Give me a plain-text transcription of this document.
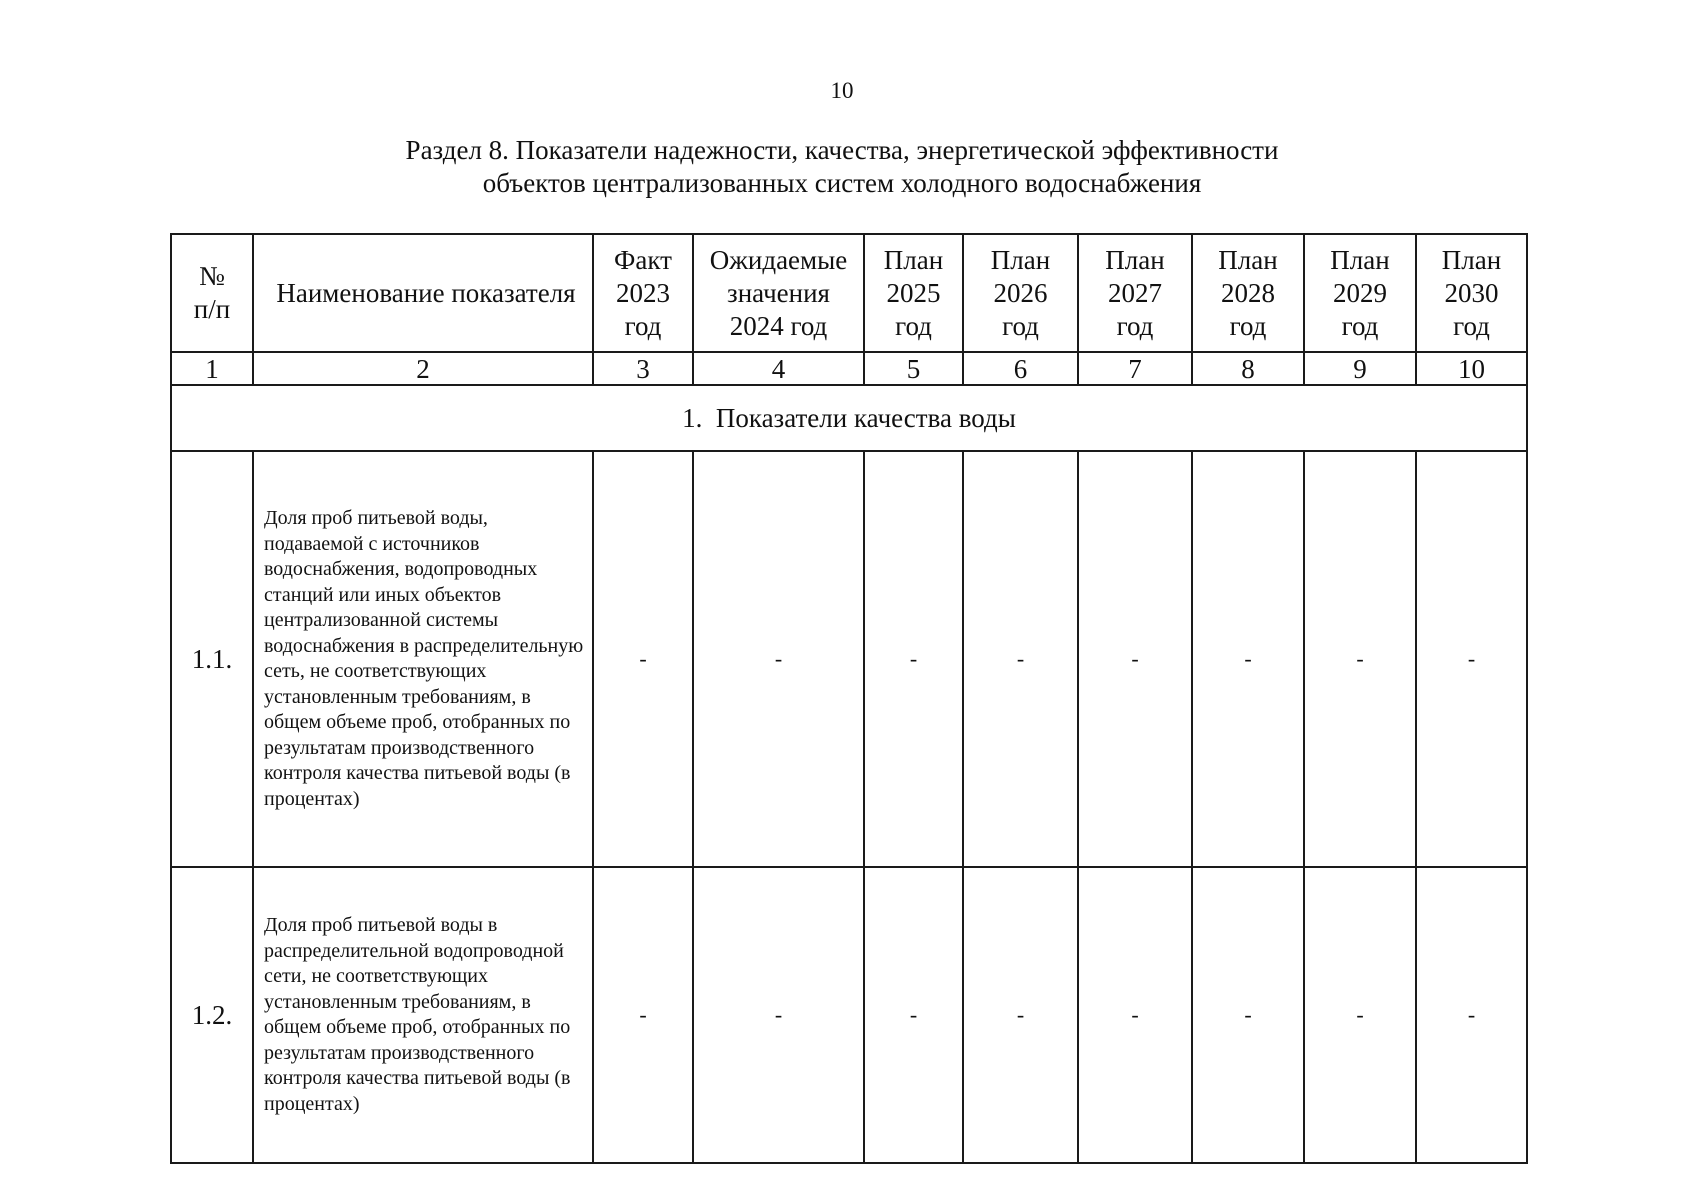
10
Раздел 8. Показатели надежности, качества, энергетической эффективности
объектов централизованных систем холодного водоснабжения
№ п/п	Наименование показателя	Факт 2023 год	Ожидаемые значения 2024 год	План 2025 год	План 2026 год	План 2027 год	План 2028 год	План 2029 год	План 2030 год
1	2	3	4	5	6	7	8	9	10
1.  Показатели качества воды									
1.1.	Доля проб питьевой воды, подаваемой с источников водоснабжения, водопроводных станций или иных объектов централизованной системы водоснабжения в распределительную сеть, не соответствующих установленным требованиям, в общем объеме проб, отобранных по результатам производственного контроля качества питьевой воды (в процентах)	-	-	-	-	-	-	-	-
1.2.	Доля проб питьевой воды в распределительной водопроводной сети, не соответствующих установленным требованиям, в общем объеме проб, отобранных по результатам производственного контроля качества питьевой воды (в процентах)	-	-	-	-	-	-	-	-
